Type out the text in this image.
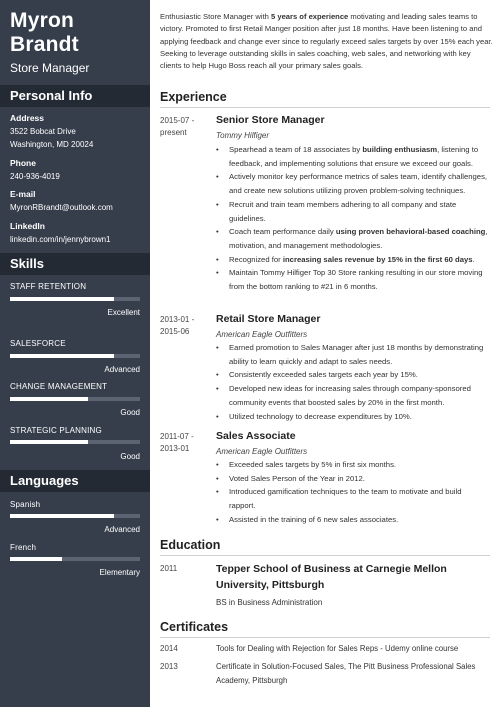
Myron
Brandt
Store Manager
Personal Info
Address
3522 Bobcat Drive
Washington, MD 20024
Phone
240-936-4019
E-mail
MyronRBrandt@outlook.com
LinkedIn
linkedin.com/in/jennybrown1
Skills
STAFF RETENTION
Excellent
SALESFORCE
Advanced
CHANGE MANAGEMENT
Good
STRATEGIC PLANNING
Good
Languages
Spanish
Advanced
French
Elementary
Enthusiastic Store Manager with 5 years of experience motivating and leading sales teams to victory. Promoted to first Retail Manger position after just 18 months. Have been listening to and applying feedback and change ever since to regularly exceed sales targets by over 15% each year. Seeking to leverage outstanding skills in sales coaching, web sales, and networking with key clients to help Hugo Boss reach all your primary sales goals.
Experience
2015-07 -
present
Senior Store Manager
Tommy Hilfiger
• Spearhead a team of 18 associates by building enthusiasm, listening to feedback, and implementing solutions that ensure we exceed our goals.
• Actively monitor key performance metrics of sales team, identify challenges, and create new solutions utilizing proven problem-solving techniques.
• Recruit and train team members adhering to all company and state guidelines.
• Coach team performance daily using proven behavioral-based coaching, motivation, and management methodologies.
• Recognized for increasing sales revenue by 15% in the first 60 days.
• Maintain Tommy Hilfiger Top 30 Store ranking resulting in our store moving from the bottom ranking to #21 in 6 months.
2013-01 -
2015-06
Retail Store Manager
American Eagle Outfitters
• Earned promotion to Sales Manager after just 18 months by demonstrating ability to learn quickly and adapt to sales needs.
• Consistently exceeded sales targets each year by 15%.
• Developed new ideas for increasing sales through company-sponsored community events that boosted sales by 20% in the first month.
• Utilized technology to decrease expenditures by 10%.
2011-07 -
2013-01
Sales Associate
American Eagle Outfitters
• Exceeded sales targets by 5% in first six months.
• Voted Sales Person of the Year in 2012.
• Introduced gamification techniques to the team to motivate and build rapport.
• Assisted in the training of 6 new sales associates.
Education
2011	Tepper School of Business at Carnegie Mellon University, Pittsburgh
BS in Business Administration
Certificates
2014	Tools for Dealing with Rejection for Sales Reps - Udemy online course
2013	Certificate in Solution-Focused Sales, The Pitt Business Professional Sales Academy, Pittsburgh
